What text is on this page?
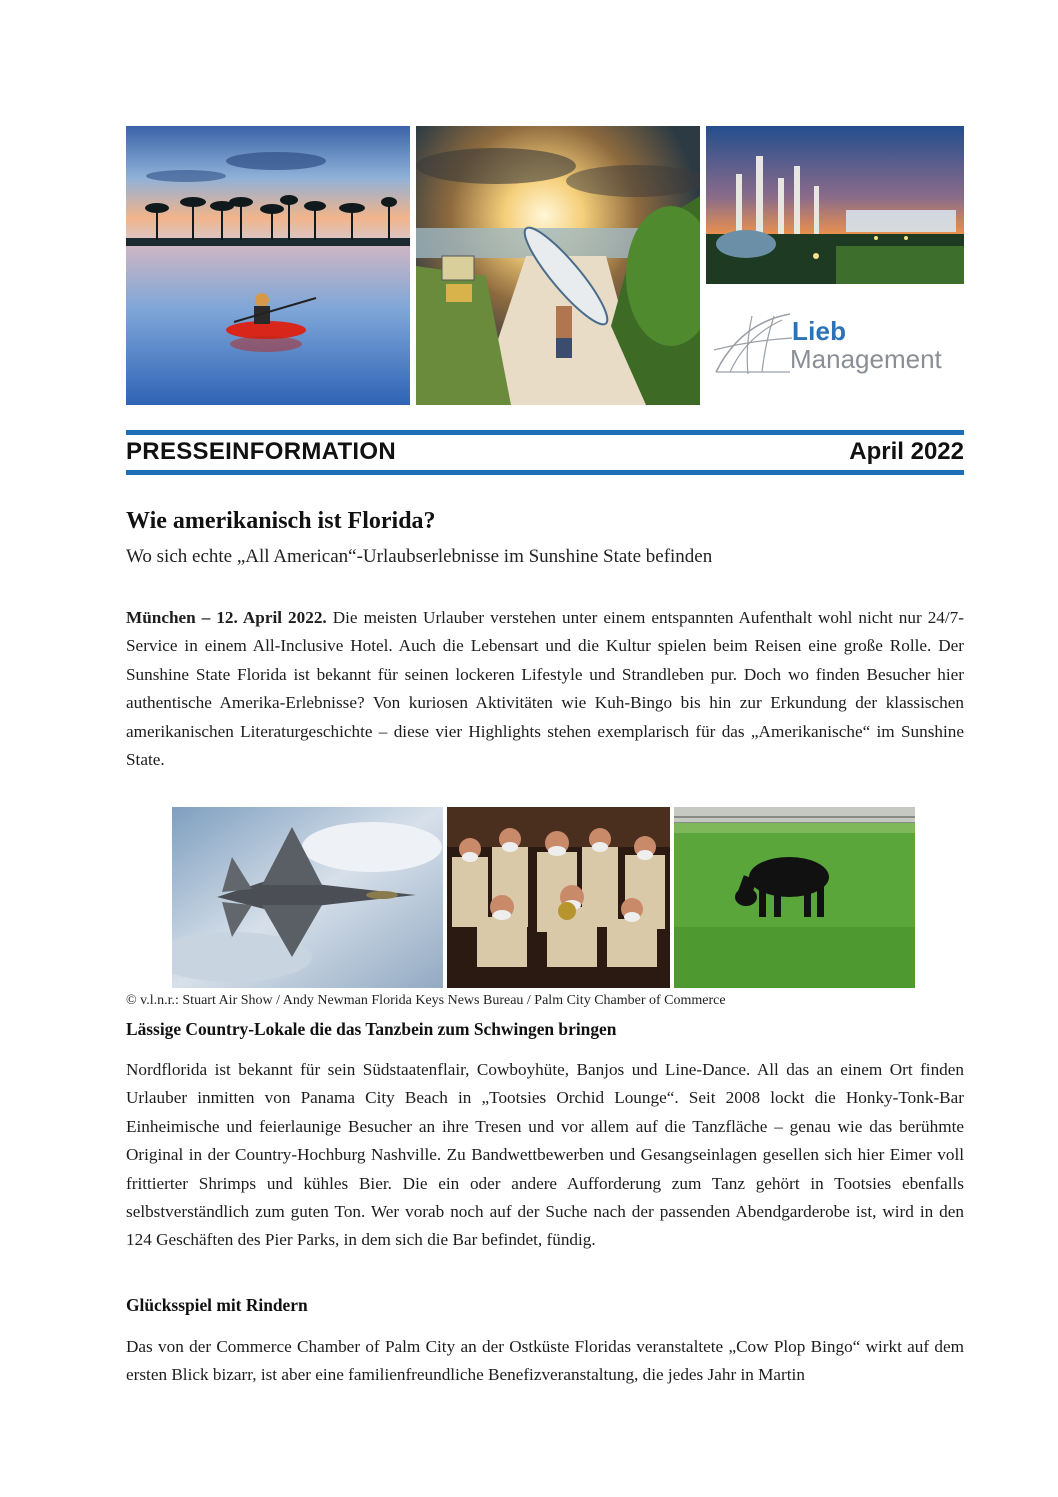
Lieb
Management
PRESSEINFORMATION	April 2022
Wie amerikanisch ist Florida?
Wo sich echte „All American“-Urlaubserlebnisse im Sunshine State befinden
München – 12. April 2022. Die meisten Urlauber verstehen unter einem entspannten Aufenthalt wohl nicht nur 24/7-Service in einem All-Inclusive Hotel. Auch die Lebensart und die Kultur spielen beim Reisen eine große Rolle. Der Sunshine State Florida ist bekannt für seinen lockeren Lifestyle und Strandleben pur. Doch wo finden Besucher hier authentische Amerika-Erlebnisse? Von kuriosen Aktivitäten wie Kuh-Bingo bis hin zur Erkundung der klassischen amerikanischen Literaturgeschichte – diese vier Highlights stehen exemplarisch für das „Amerikanische“ im Sunshine State.
© v.l.n.r.: Stuart Air Show / Andy Newman Florida Keys News Bureau / Palm City Chamber of Commerce
Lässige Country-Lokale die das Tanzbein zum Schwingen bringen
Nordflorida ist bekannt für sein Südstaatenflair, Cowboyhüte, Banjos und Line-Dance. All das an einem Ort finden Urlauber inmitten von Panama City Beach in „Tootsies Orchid Lounge“. Seit 2008 lockt die Honky-Tonk-Bar Einheimische und feierlaunige Besucher an ihre Tresen und vor allem auf die Tanzfläche – genau wie das berühmte Original in der Country-Hochburg Nashville. Zu Bandwettbewerben und Gesangseinlagen gesellen sich hier Eimer voll frittierter Shrimps und kühles Bier. Die ein oder andere Aufforderung zum Tanz gehört in Tootsies ebenfalls selbstverständlich zum guten Ton. Wer vorab noch auf der Suche nach der passenden Abendgarderobe ist, wird in den 124 Geschäften des Pier Parks, in dem sich die Bar befindet, fündig.
Glücksspiel mit Rindern
Das von der Commerce Chamber of Palm City an der Ostküste Floridas veranstaltete „Cow Plop Bingo“ wirkt auf dem ersten Blick bizarr, ist aber eine familienfreundliche Benefizveranstaltung, die jedes Jahr in Martin
